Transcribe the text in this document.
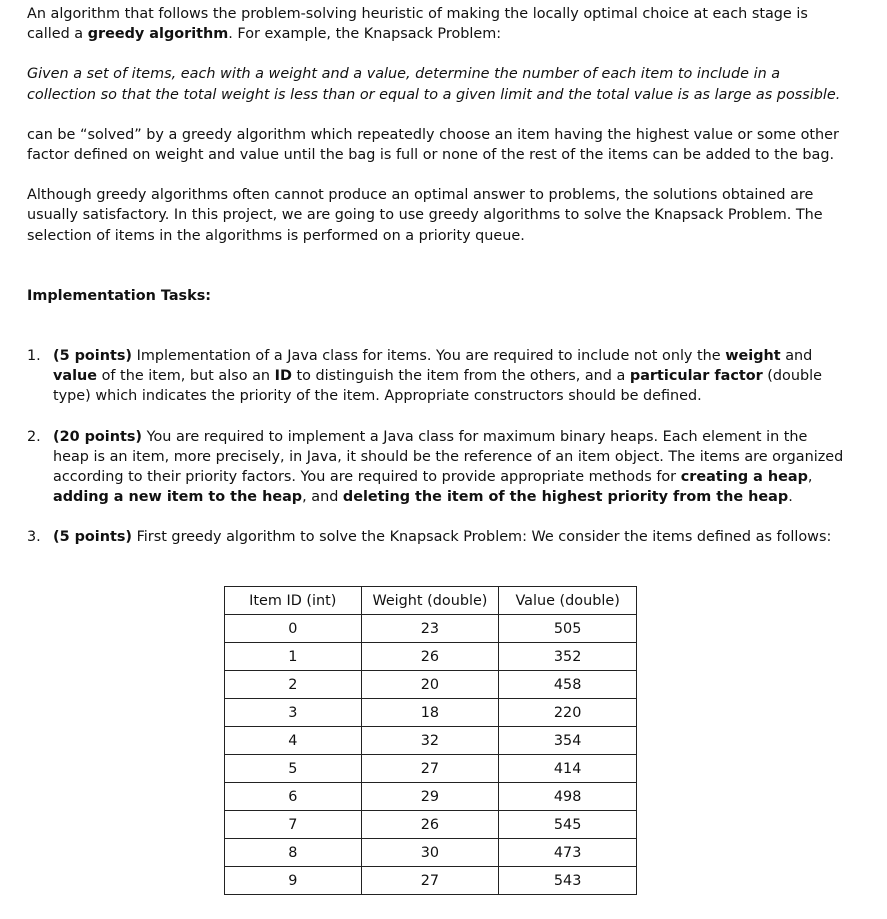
An algorithm that follows the problem-solving heuristic of making the locally optimal choice at each stage is called a greedy algorithm. For example, the Knapsack Problem:

Given a set of items, each with a weight and a value, determine the number of each item to include in a collection so that the total weight is less than or equal to a given limit and the total value is as large as possible.

can be “solved” by a greedy algorithm which repeatedly choose an item having the highest value or some other factor defined on weight and value until the bag is full or none of the rest of the items can be added to the bag.

Although greedy algorithms often cannot produce an optimal answer to problems, the solutions obtained are usually satisfactory. In this project, we are going to use greedy algorithms to solve the Knapsack Problem. The selection of items in the algorithms is performed on a priority queue.

Implementation Tasks:

1. (5 points) Implementation of a Java class for items. You are required to include not only the weight and value of the item, but also an ID to distinguish the item from the others, and a particular factor (double type) which indicates the priority of the item. Appropriate constructors should be defined.
2. (20 points) You are required to implement a Java class for maximum binary heaps. Each element in the heap is an item, more precisely, in Java, it should be the reference of an item object. The items are organized according to their priority factors. You are required to provide appropriate methods for creating a heap, adding a new item to the heap, and deleting the item of the highest priority from the heap.
3. (5 points) First greedy algorithm to solve the Knapsack Problem: We consider the items defined as follows:
Item ID (int)	Weight (double)	Value (double)
0	23	505
1	26	352
2	20	458
3	18	220
4	32	354
5	27	414
6	29	498
7	26	545
8	30	473
9	27	543
